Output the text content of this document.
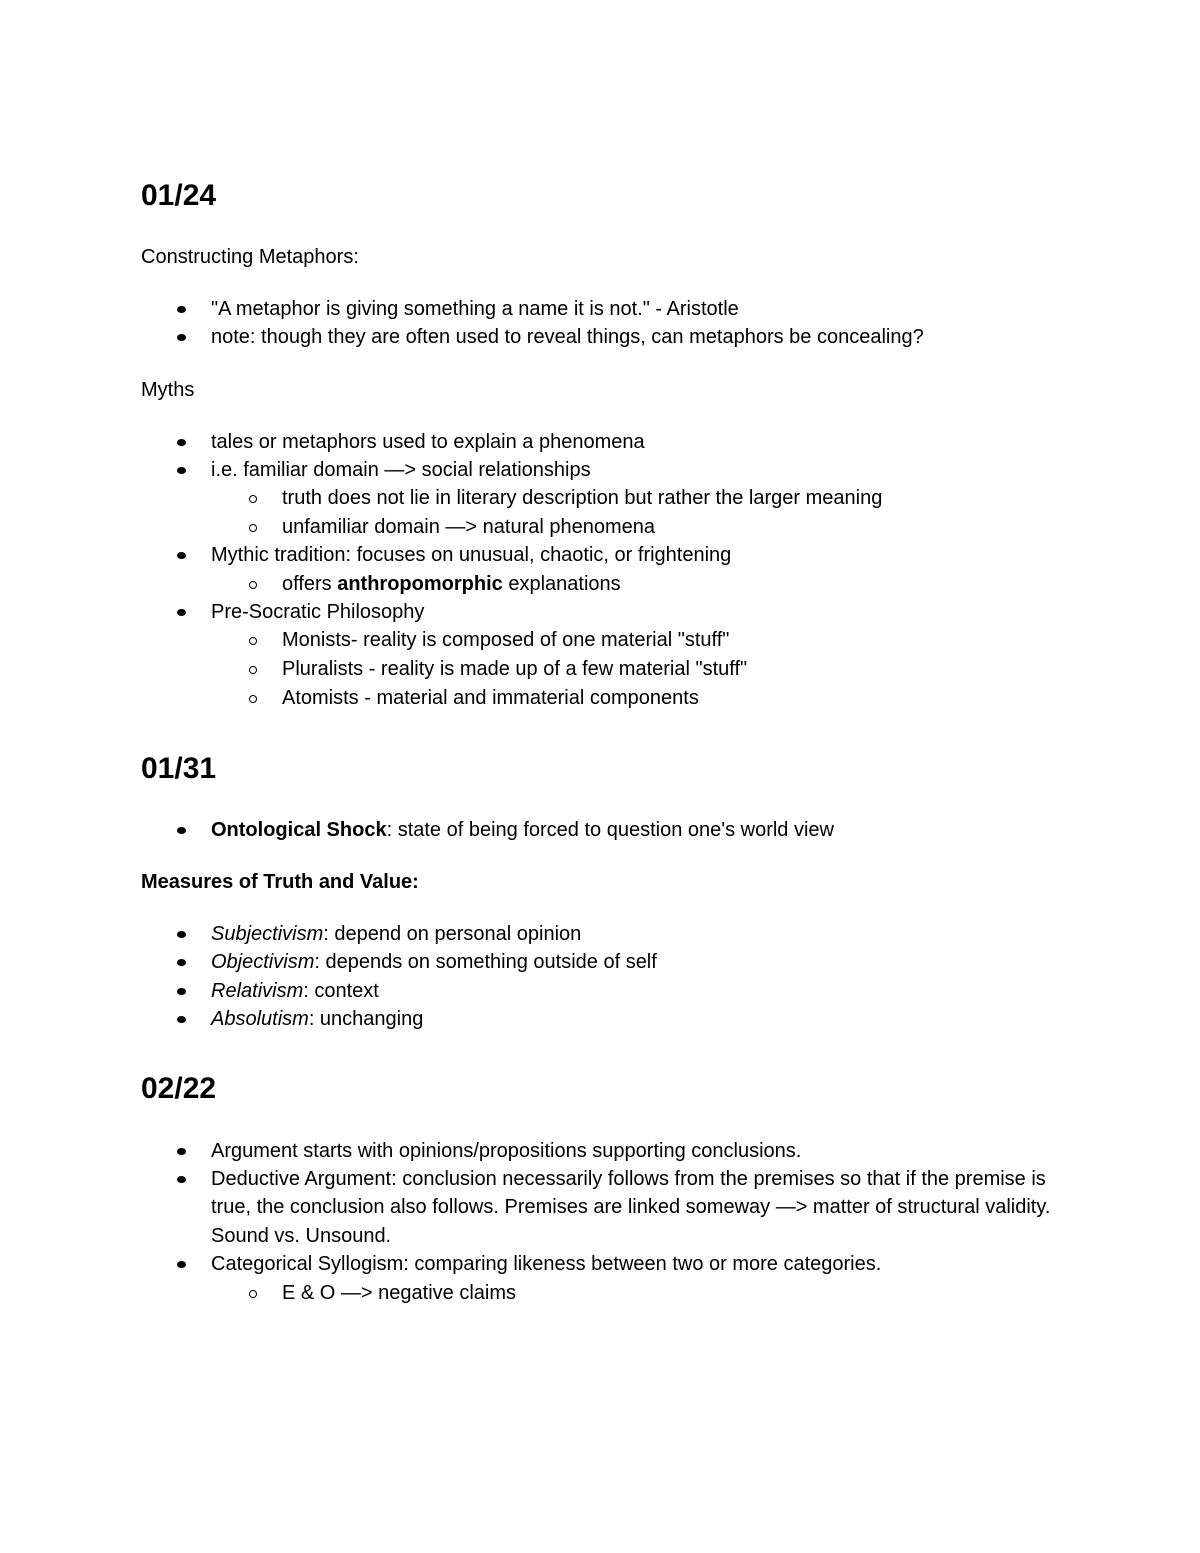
01/24

Constructing Metaphors:

"A metaphor is giving something a name it is not." - Aristotle
note: though they are often used to reveal things, can metaphors be concealing?

Myths

tales or metaphors used to explain a phenomena
i.e. familiar domain —> social relationships
truth does not lie in literary description but rather the larger meaning
unfamiliar domain —> natural phenomena
Mythic tradition: focuses on unusual, chaotic, or frightening
offers anthropomorphic explanations
Pre-Socratic Philosophy
Monists- reality is composed of one material "stuff"
Pluralists - reality is made up of a few material "stuff"
Atomists - material and immaterial components
01/31
Ontological Shock: state of being forced to question one's world view

Measures of Truth and Value:

Subjectivism: depend on personal opinion
Objectivism: depends on something outside of self
Relativism: context
Absolutism: unchanging
02/22
Argument starts with opinions/propositions supporting conclusions.
Deductive Argument: conclusion necessarily follows from the premises so that if the premise is true, the conclusion also follows. Premises are linked someway —> matter of structural validity. Sound vs. Unsound.
Categorical Syllogism: comparing likeness between two or more categories.
E & O —> negative claims
